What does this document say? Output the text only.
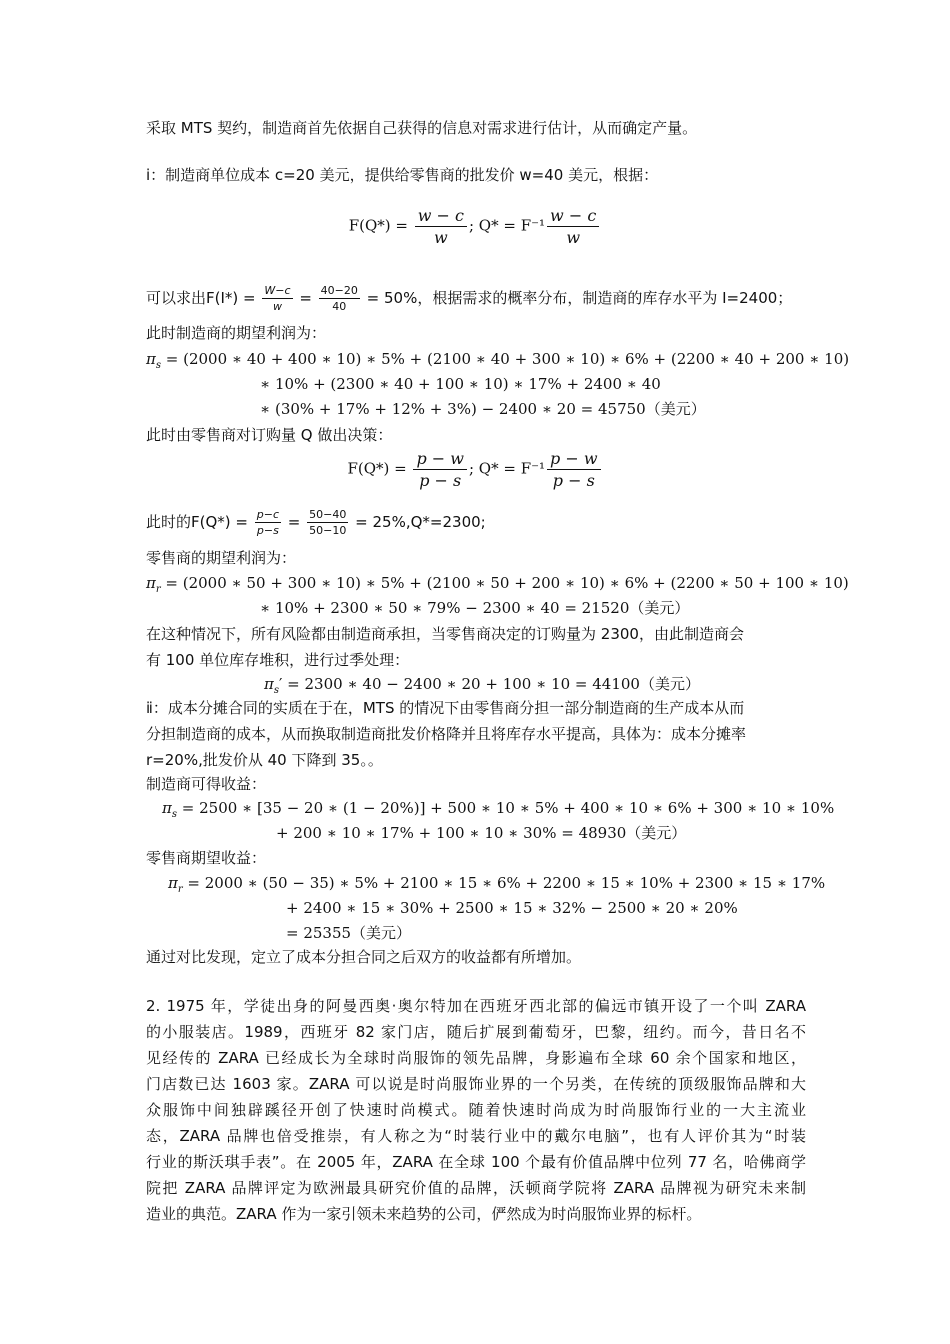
采取 MTS 契约，制造商首先依据自己获得的信息对需求进行估计，从而确定产量。
ⅰ：制造商单位成本 c=20 美元，提供给零售商的批发价 w=40 美元，根据：
$F(Q*) = \frac{w - c}{w}$ ; $Q* = F^{-1} \frac{w - c}{w}$
可以求出$F(I*) = \frac{W-c}{w} = \frac{40-20}{40} = 50\%$，根据需求的概率分布，制造商的库存水平为 I=2400；
此时制造商的期望利润为：
$\pi_s = (2000$ ∗ 40 + 400 ∗ 10) ∗ 5% + (2100 ∗ 40 + 300 ∗ 10) ∗ 6% + (2200 ∗ 40 + 200 ∗ 10)
∗ 10% + (2300 ∗ 40 + 100 ∗ 10) ∗ 17% + 2400 ∗ 40
∗ (30% + 17% + 12% + 3%) − 2400 ∗ 20 = 45750（美元）
此时由零售商对订购量 Q 做出决策：
$F(Q*) = \frac{p - w}{p - s}$ ; $Q* = F^{-1} \frac{p - w}{p - s}$
此时的$F(Q*) = \frac{p-c}{p-s} = \frac{50-40}{50-10} = 25\%,Q*=2300$;
零售商的期望利润为：
$\pi_r = (2000$ ∗ 50 + 300 ∗ 10) ∗ 5% + (2100 ∗ 50 + 200 ∗ 10) ∗ 6% + (2200 ∗ 50 + 100 ∗ 10)
∗ 10% + 2300 ∗ 50 ∗ 79% − 2300 ∗ 40 = 21520（美元）
在这种情况下，所有风险都由制造商承担，当零售商决定的订购量为 2300，由此制造商会
有 100 单位库存堆积，进行过季处理：
$\pi_s' = 2300$ ∗ 40 − 2400 ∗ 20 + 100 ∗ 10 = 44100（美元）
ⅱ：成本分摊合同的实质在于在，MTS 的情况下由零售商分担一部分制造商的生产成本从而
分担制造商的成本，从而换取制造商批发价格降并且将库存水平提高，具体为：成本分摊率
r=20%,批发价从 40 下降到 35。。
制造商可得收益：
$\pi_s = 2500$ ∗ [35 − 20 ∗ (1 − 20%)] + 500 ∗ 10 ∗ 5% + 400 ∗ 10 ∗ 6% + 300 ∗ 10 ∗ 10%
+ 200 ∗ 10 ∗ 17% + 100 ∗ 10 ∗ 30% = 48930（美元）
零售商期望收益：
$\pi_r = 2000$ ∗ (50 − 35) ∗ 5% + 2100 ∗ 15 ∗ 6% + 2200 ∗ 15 ∗ 10% + 2300 ∗ 15 ∗ 17%
+ 2400 ∗ 15 ∗ 30% + 2500 ∗ 15 ∗ 32% − 2500 ∗ 20 ∗ 20%
= 25355（美元）
通过对比发现，定立了成本分担合同之后双方的收益都有所增加。
2. 1975 年，学徒出身的阿曼西奥·奥尔特加在西班牙西北部的偏远市镇开设了一个叫 ZARA
的小服装店。1989，西班牙 82 家门店，随后扩展到葡萄牙，巴黎，纽约。而今，昔日名不
见经传的 ZARA 已经成长为全球时尚服饰的领先品牌，身影遍布全球 60 余个国家和地区，
门店数已达 1603 家。ZARA 可以说是时尚服饰业界的一个另类，在传统的顶级服饰品牌和大
众服饰中间独辟蹊径开创了快速时尚模式。随着快速时尚成为时尚服饰行业的一大主流业
态，ZARA 品牌也倍受推崇，有人称之为“时装行业中的戴尔电脑”，也有人评价其为“时装
行业的斯沃琪手表”。在 2005 年，ZARA 在全球 100 个最有价值品牌中位列 77 名，哈佛商学
院把 ZARA 品牌评定为欧洲最具研究价值的品牌，沃顿商学院将 ZARA 品牌视为研究未来制
造业的典范。ZARA 作为一家引领未来趋势的公司，俨然成为时尚服饰业界的标杆。
